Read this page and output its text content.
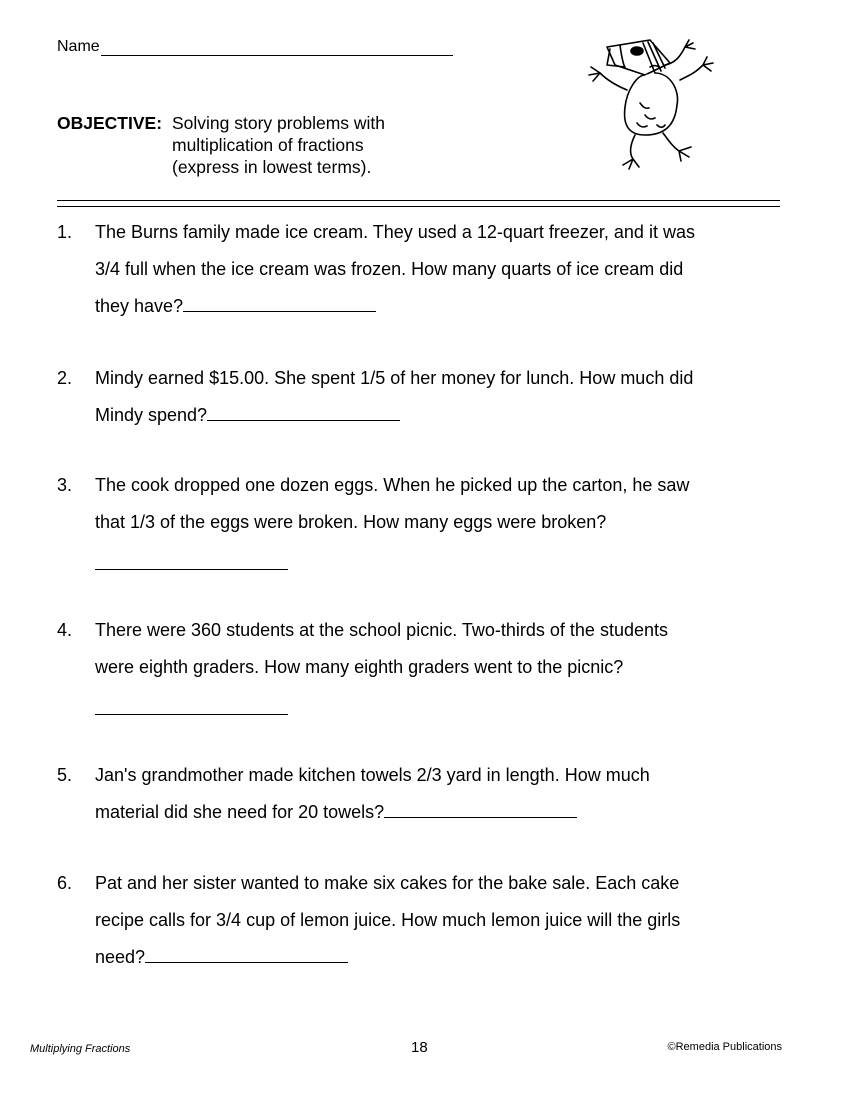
Name
OBJECTIVE: Solving story problems with
multiplication of fractions
(express in lowest terms).
1. The Burns family made ice cream. They used a 12-quart freezer, and it was
3/4 full when the ice cream was frozen. How many quarts of ice cream did
they have?
2. Mindy earned $15.00. She spent 1/5 of her money for lunch. How much did
Mindy spend?
3. The cook dropped one dozen eggs. When he picked up the carton, he saw
that 1/3 of the eggs were broken. How many eggs were broken?
4. There were 360 students at the school picnic. Two-thirds of the students
were eighth graders. How many eighth graders went to the picnic?
5. Jan's grandmother made kitchen towels 2/3 yard in length. How much
material did she need for 20 towels?
6. Pat and her sister wanted to make six cakes for the bake sale. Each cake
recipe calls for 3/4 cup of lemon juice. How much lemon juice will the girls
need?
Multiplying Fractions	18	©Remedia Publications
